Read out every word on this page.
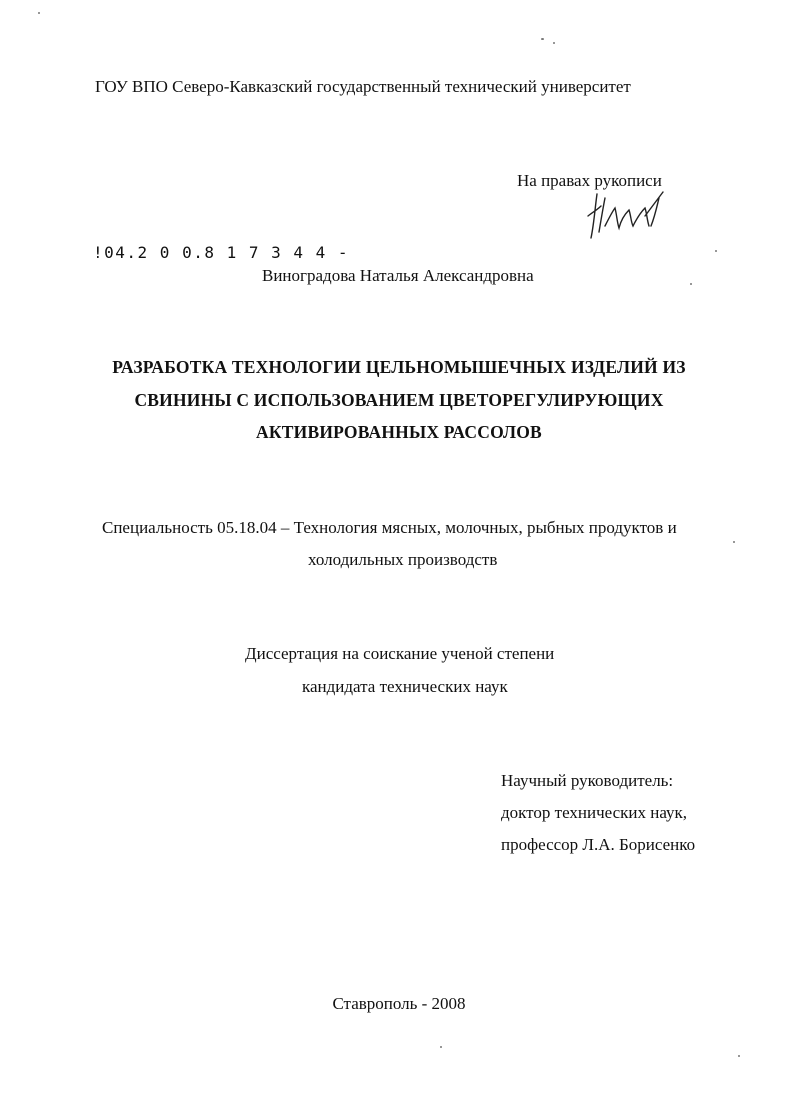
ГОУ ВПО Северо-Кавказский государственный технический университет
На правах рукописи
!04.2 0 0.8 1 7 3 4 4 -
Виноградова Наталья Александровна
РАЗРАБОТКА ТЕХНОЛОГИИ ЦЕЛЬНОМЫШЕЧНЫХ ИЗДЕЛИЙ ИЗ
СВИНИНЫ С ИСПОЛЬЗОВАНИЕМ ЦВЕТОРЕГУЛИРУЮЩИХ
АКТИВИРОВАННЫХ РАССОЛОВ
Специальность 05.18.04 – Технология мясных, молочных, рыбных продуктов и
холодильных производств
Диссертация на соискание ученой степени
кандидата технических наук
Научный руководитель:
доктор технических наук,
профессор Л.А. Борисенко
Ставрополь - 2008
